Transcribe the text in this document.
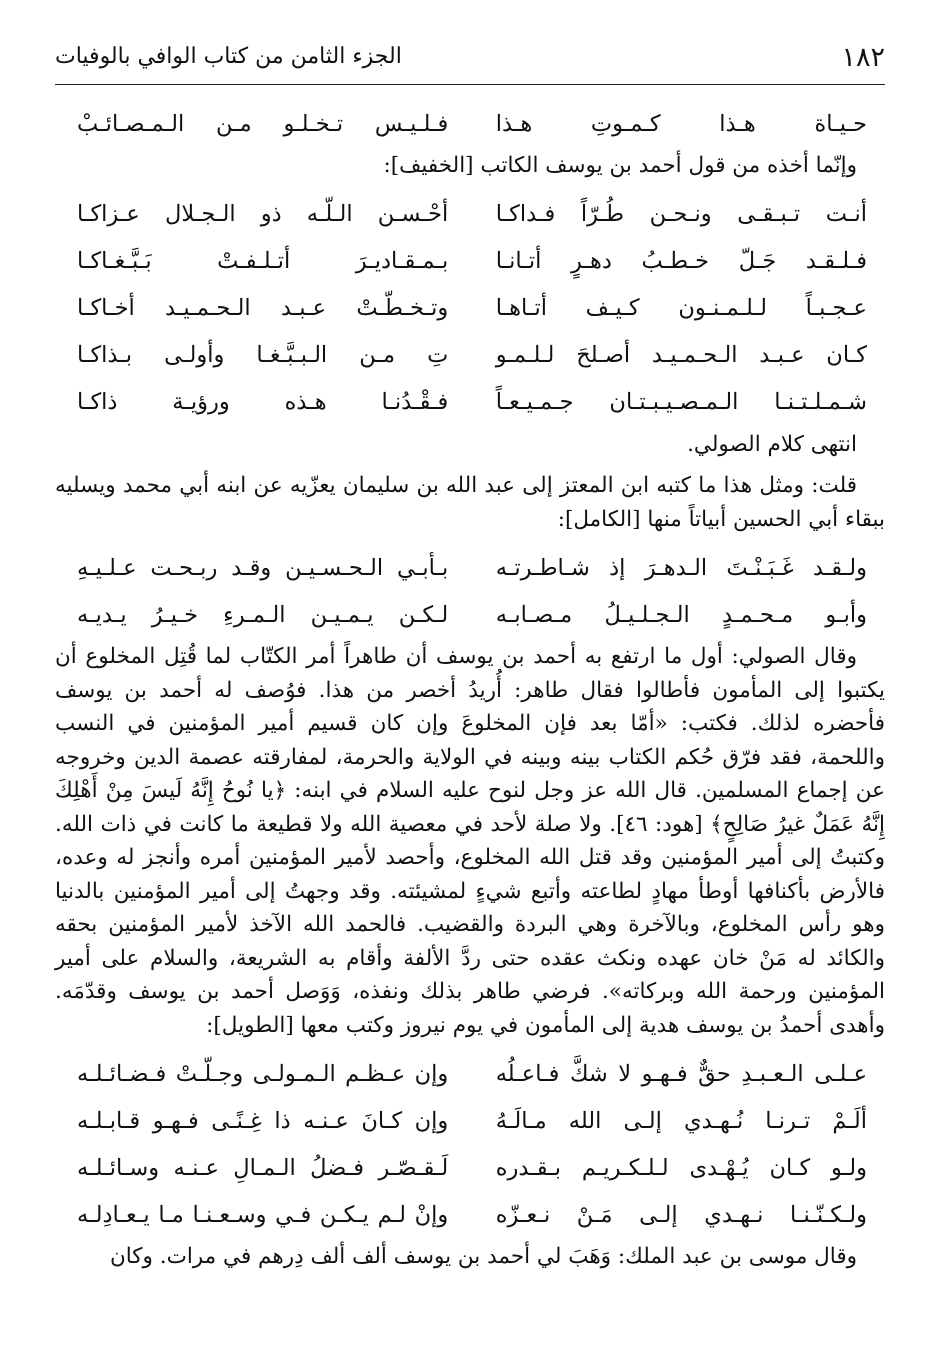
١٨٢
الجزء الثامن من كتاب الوافي بالوفيات
حـيـاة هـذا كـمـوتِ هـذا
فـلـيـس تـخـلـو مـن الـمـصـائـبْ

وإنّما أخذه من قول أحمد بن يوسف الكاتب [الخفيف]:

أنـت تـبـقـى ونـحـن طُـرّاً فـداكـا
أحْـسـن الـلّـه ذو الـجـلال عـزاكـا
فـلـقـد جَـلّ خـطـبُ دهـرٍ أتـانـا
بـمـقـاديـرَ أتـلـفـتْ بَـبَّـغـاكـا
عـجـبـاً لـلـمـنـون كـيـف أتـاهـا
وتـخـطّـتْ عـبـد الـحـمـيـد أخـاكـا
كـان عـبـد الـحـمـيـد أصـلحَ لـلـمـو
تِ مـن الـبـبَّـغـا وأولـى بـذاكـا
شـمـلـتـنـا الـمـصـيـبـتـان جـمـيـعـاً
فـقْـدُنـا هـذه ورؤيـة ذاكـا

انتهى كلام الصولي.

قلت: ومثل هذا ما كتبه ابن المعتز إلى عبد الله بن سليمان يعزّيه عن ابنه أبي محمد ويسليه ببقاء أبي الحسين أبياتاً منها [الكامل]:

ولـقـد غَـبَـنْـتَ الـدهـرَ إذ شـاطـرتـه
بـأبـي الـحـسـيـن وقـد ربـحـت عـلـيـهِ
وأبـو مـحـمـدٍ الـجـلـيـلُ مـصـابـه
لـكـن يـمـيـن الـمـرءِ خـيـرُ يـديـه

وقال الصولي: أول ما ارتفع به أحمد بن يوسف أن طاهراً أمر الكتّاب لما قُتِل المخلوع أن يكتبوا إلى المأمون فأطالوا فقال طاهر: أُريدُ أخصر من هذا. فوُصف له أحمد بن يوسف فأحضره لذلك. فكتب: «أمّا بعد فإن المخلوعَ وإن كان قسيم أمير المؤمنين في النسب واللحمة، فقد فرّق حُكم الكتاب بينه وبينه في الولاية والحرمة، لمفارقته عصمة الدين وخروجه عن إجماع المسلمين. قال الله عز وجل لنوح عليه السلام في ابنه: ﴿يا نُوحُ إِنَّهُ لَيسَ مِنْ أَهْلِكَ إِنَّهُ عَمَلٌ غيرُ صَالِحٍ﴾ [هود: ٤٦]. ولا صلة لأحد في معصية الله ولا قطيعة ما كانت في ذات الله. وكتبتُ إلى أمير المؤمنين وقد قتل الله المخلوع، وأحصد لأمير المؤمنين أمره وأنجز له وعده، فالأرض بأكنافها أوطأ مهادٍ لطاعته وأتبع شيءٍ لمشيئته. وقد وجهتُ إلى أمير المؤمنين بالدنيا وهو رأس المخلوع، وبالآخرة وهي البردة والقضيب. فالحمد الله الآخذ لأمير المؤمنين بحقه والكائد له مَنْ خان عهده ونكث عقده حتى ردَّ الألفة وأقام به الشريعة، والسلام على أمير المؤمنين ورحمة الله وبركاته». فرضي طاهر بذلك ونفذه، وَوَصل أحمد بن يوسف وقدّمَه. وأهدى أحمدُ بن يوسف هدية إلى المأمون في يوم نيروز وكتب معها [الطويل]:

عـلـى الـعـبـدِ حقٌّ فـهـو لا شكَّ فـاعـلُه
وإن عـظـم الـمـولـى وجـلّـتْ فـضـائـلـه
ألَـمْ تـرنـا نُـهـدي إلـى الله مـالَـهُ
وإن كـانَ عـنـه ذا غِـنًـى فـهـو قـابـلـه
ولـو كـان يُـهْـدى لـلـكـريـم بـقـدره
لَـقـصّـر فـضلُ الـمـالِ عـنـه وسـائـلـه
ولـكـنّـنـا نـهـدي إلـى مَـنْ نـعـزّه
وإنْ لـم يـكـن فـي وسـعـنـا مـا يـعـادِلـه

وقال موسى بن عبد الملك: وَهَبَ لي أحمد بن يوسف ألف ألف دِرهم في مرات. وكان
